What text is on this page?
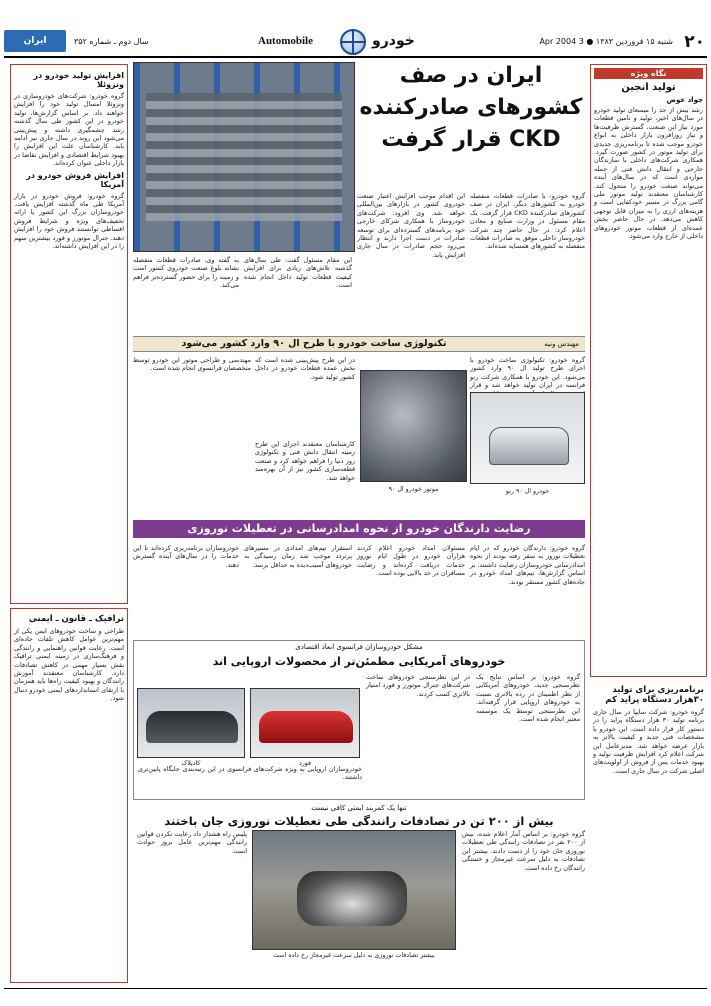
ایران اقتصادی
سال دوم ـ شماره ۳۵۲	Automobile	خودرو	شنبه ۱۵ فروردین ۱۳۸۳ ● 3 Apr 2004 ۲۰
نگاه ویژه
تولید انجین
جواد عوض
رشد بیش از حد را میمنعای تولید خودرو در سال‌های اخیر، تولید و تامین قطعات مورد نیاز این صنعت، گسترش ظرفیت‌ها و نیاز روزافزون بازار داخلی به انواع خودرو موجب شده تا برنامه‌ریزی جدیدی برای تولید موتور در کشور صورت گیرد. همکاری شرکت‌های داخلی با سازندگان خارجی و انتقال دانش فنی از جمله مواردی است که در سال‌های آینده می‌تواند صنعت خودرو را متحول کند. کارشناسان معتقدند تولید موتور ملی گامی بزرگ در مسیر خودکفایی است و هزینه‌های ارزی را به میزان قابل توجهی کاهش می‌دهد. در حال حاضر بخش عمده‌ای از قطعات موتور خودروهای داخلی از خارج وارد می‌شود.
برنامه‌ریزی برای تولید ۳۰هزار دستگاه پراید کم
گروه خودرو: شرکت سایپا در سال جاری برنامه تولید ۳۰ هزار دستگاه پراید را در دستور کار قرار داده است. این خودرو با مشخصات فنی جدید و کیفیت بالاتر به بازار عرضه خواهد شد. مدیرعامل این شرکت اعلام کرد افزایش ظرفیت تولید و بهبود خدمات پس از فروش از اولویت‌های اصلی شرکت در سال جاری است.
افزایش تولید خودرو در ونزوئلا
گروه خودرو: شرکت‌های خودروسازی در ونزوئلا امسال تولید خود را افزایش خواهند داد. بر اساس گزارش‌ها، تولید خودرو در این کشور طی سال گذشته رشد چشمگیری داشته و پیش‌بینی می‌شود این روند در سال جاری نیز ادامه یابد. کارشناسان علت این افزایش را بهبود شرایط اقتصادی و افزایش تقاضا در بازار داخلی عنوان کرده‌اند.
افزایش فروش خودرو در آمریکا
گروه خودرو: فروش خودرو در بازار آمریکا طی ماه گذشته افزایش یافت. خودروسازان بزرگ این کشور با ارائه تخفیف‌های ویژه و شرایط فروش اقساطی توانستند فروش خود را افزایش دهند. جنرال موتورز و فورد بیشترین سهم را در این افزایش داشته‌اند.
ترافیک ـ قانون ـ ایمنی
طراحی و ساخت خودروهای ایمن یکی از مهم‌ترین عوامل کاهش تلفات جاده‌ای است. رعایت قوانین راهنمایی و رانندگی و فرهنگ‌سازی در زمینه ایمنی ترافیک نقش بسیار مهمی در کاهش تصادفات دارد. کارشناسان معتقدند آموزش رانندگان و بهبود کیفیت راه‌ها باید همزمان با ارتقای استانداردهای ایمنی خودرو دنبال شود.
ایران در صف کشورهای صادرکننده CKD قرار گرفت
گروه خودرو: با صادرات قطعات منفصله خودرو به کشورهای دیگر، ایران در صف کشورهای صادرکننده CKD قرار گرفت. یک مقام مسئول در وزارت صنایع و معادن اعلام کرد: در حال حاضر چند شرکت خودروساز داخلی موفق به صادرات قطعات منفصله به کشورهای همسایه شده‌اند.
این اقدام موجب افزایش اعتبار صنعت خودروی کشور در بازارهای بین‌المللی خواهد شد. وی افزود: شرکت‌های خودروساز با همکاری شرکای خارجی خود برنامه‌های گسترده‌ای برای توسعه صادرات در دست اجرا دارند و انتظار می‌رود حجم صادرات در سال جاری افزایش یابد.
این مقام مسئول گفت: طی سال‌های گذشته تلاش‌های زیادی برای افزایش کیفیت قطعات تولید داخل انجام شده است.
به گفته وی، صادرات قطعات منفصله نشانه بلوغ صنعت خودروی کشور است و زمینه را برای حضور گسترده‌تر فراهم می‌کند.
تکنولوژی ساخت خودرو با طرح ال ۹۰ وارد کشور می‌شود	مهندس ونیه
مهندسی و طراحی موتور این خودرو توسط متخصصان فرانسوی انجام شده است.
در این طرح پیش‌بینی شده است که بخش عمده قطعات خودرو در داخل کشور تولید شود.
موتور خودرو ال ۹۰
گروه خودرو: تکنولوژی ساخت خودرو با اجرای طرح تولید ال ۹۰ وارد کشور می‌شود. این خودرو با همکاری شرکت رنو فرانسه در ایران تولید خواهد شد و قرار
خودرو ال ۹۰ رنو
کارشناسان معتقدند اجرای این طرح زمینه انتقال دانش فنی و تکنولوژی روز دنیا را فراهم خواهد کرد و صنعت قطعه‌سازی کشور نیز از آن بهره‌مند خواهد شد.
رضایت دارندگان خودرو از نحوه امدادرسانی در تعطیلات نوروزی
گروه خودرو: دارندگان خودرو که در ایام تعطیلات نوروز به سفر رفته بودند از نحوه امدادرسانی خودروسازان رضایت داشتند. بر اساس گزارش‌ها، تیم‌های امداد خودرو در جاده‌های کشور مستقر بودند.
مسئولان امداد خودرو اعلام کردند هزاران خودرو در طول ایام نوروز خدمات دریافت کرده‌اند و رضایت مسافران در حد بالایی بوده است.
استقرار تیم‌های امدادی در مسیرهای پرتردد موجب شد زمان رسیدگی به خودروهای آسیب‌دیده به حداقل برسد.
خودروسازان برنامه‌ریزی کرده‌اند تا این خدمات را در سال‌های آینده گسترش دهند.
مشکل خودروسازان فرانسوی ابعاد اقتصادی
خودروهای آمریکایی مطمئن‌تر از محصولات اروپایی اند
گروه خودرو: بر اساس نتایج یک نظرسنجی جدید، خودروهای آمریکایی از نظر اطمینان در رده بالاتری نسبت به خودروهای اروپایی قرار گرفته‌اند. این نظرسنجی توسط یک موسسه معتبر انجام شده است.
در این نظرسنجی خودروهای ساخت شرکت‌های جنرال موتورز و فورد امتیاز بالاتری کسب کردند.
خودروسازان اروپایی به ویژه شرکت‌های فرانسوی در این رتبه‌بندی جایگاه پایین‌تری داشتند.
کادیلاک	فورد
تنها یک کمربند ایمنی کافی نیست
بیش از ۲۰۰ تن در تصادفات رانندگی طی تعطیلات نوروزی جان باختند
گروه خودرو: بر اساس آمار اعلام شده، بیش از ۲۰۰ نفر در تصادفات رانندگی طی تعطیلات نوروزی جان خود را از دست دادند. بیشتر این تصادفات به دلیل سرعت غیرمجاز و خستگی رانندگان رخ داده است.
بیشتر تصادفات نوروزی به دلیل سرعت غیرمجاز رخ داده است
پلیس راه هشدار داد رعایت نکردن قوانین رانندگی مهم‌ترین عامل بروز حوادث است.
